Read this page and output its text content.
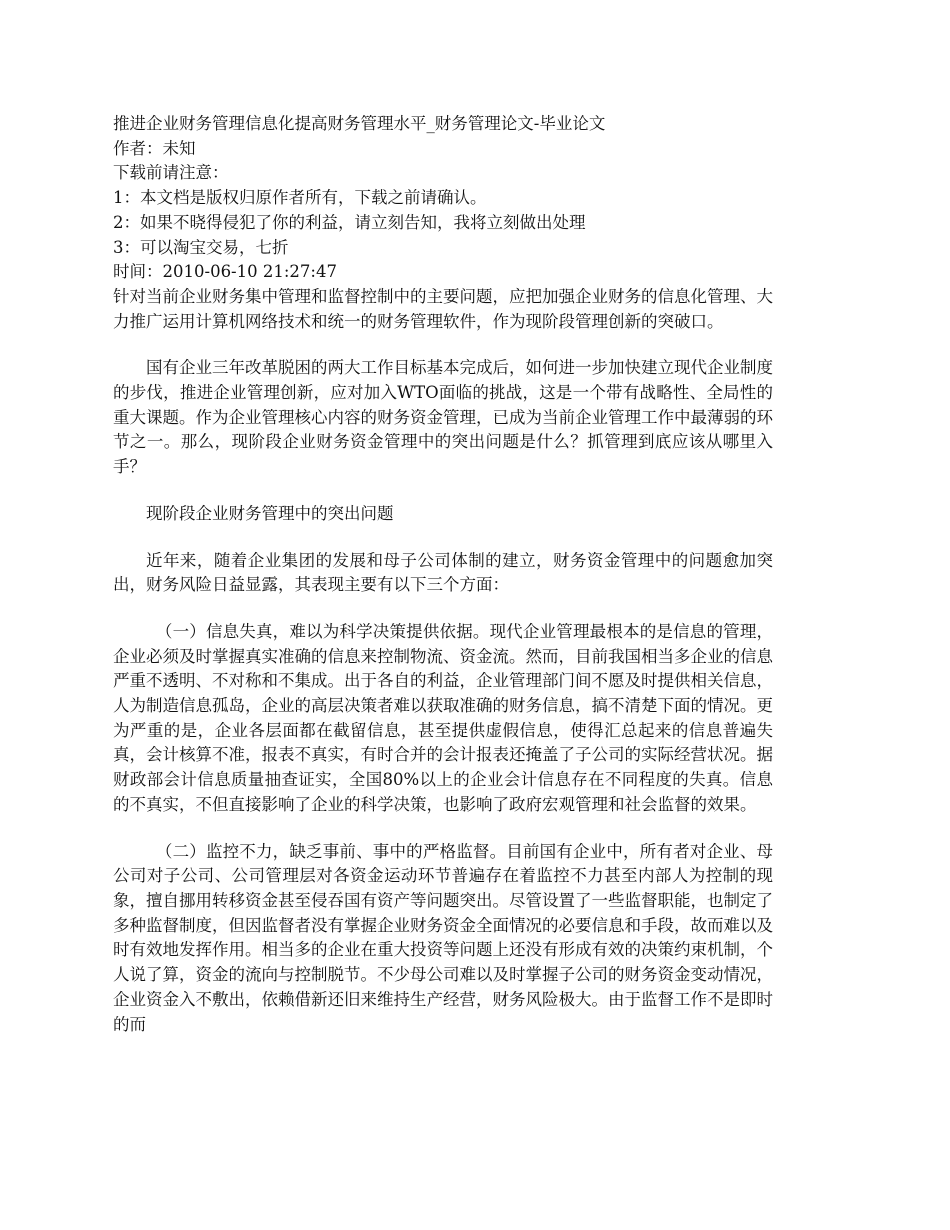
推进企业财务管理信息化提高财务管理水平_财务管理论文-毕业论文

作者：未知

下载前请注意：

1：本文档是版权归原作者所有，下载之前请确认。

2：如果不晓得侵犯了你的利益，请立刻告知，我将立刻做出处理

3：可以淘宝交易，七折

时间：2010-06-10 21:27:47

针对当前企业财务集中管理和监督控制中的主要问题，应把加强企业财务的信息化管理、大力推广运用计算机网络技术和统一的财务管理软件，作为现阶段管理创新的突破口。

国有企业三年改革脱困的两大工作目标基本完成后，如何进一步加快建立现代企业制度的步伐，推进企业管理创新，应对加入WTO面临的挑战，这是一个带有战略性、全局性的重大课题。作为企业管理核心内容的财务资金管理，已成为当前企业管理工作中最薄弱的环节之一。那么，现阶段企业财务资金管理中的突出问题是什么？抓管理到底应该从哪里入手？

现阶段企业财务管理中的突出问题

近年来，随着企业集团的发展和母子公司体制的建立，财务资金管理中的问题愈加突出，财务风险日益显露，其表现主要有以下三个方面：

（一）信息失真，难以为科学决策提供依据。现代企业管理最根本的是信息的管理，企业必须及时掌握真实准确的信息来控制物流、资金流。然而，目前我国相当多企业的信息严重不透明、不对称和不集成。出于各自的利益，企业管理部门间不愿及时提供相关信息，人为制造信息孤岛，企业的高层决策者难以获取准确的财务信息，搞不清楚下面的情况。更为严重的是，企业各层面都在截留信息，甚至提供虚假信息，使得汇总起来的信息普遍失真，会计核算不准，报表不真实，有时合并的会计报表还掩盖了子公司的实际经营状况。据财政部会计信息质量抽查证实，全国80%以上的企业会计信息存在不同程度的失真。信息的不真实，不但直接影响了企业的科学决策，也影响了政府宏观管理和社会监督的效果。

（二）监控不力，缺乏事前、事中的严格监督。目前国有企业中，所有者对企业、母公司对子公司、公司管理层对各资金运动环节普遍存在着监控不力甚至内部人为控制的现象，擅自挪用转移资金甚至侵吞国有资产等问题突出。尽管设置了一些监督职能，也制定了多种监督制度，但因监督者没有掌握企业财务资金全面情况的必要信息和手段，故而难以及时有效地发挥作用。相当多的企业在重大投资等问题上还没有形成有效的决策约束机制，个人说了算，资金的流向与控制脱节。不少母公司难以及时掌握子公司的财务资金变动情况，企业资金入不敷出，依赖借新还旧来维持生产经营，财务风险极大。由于监督工作不是即时的而
